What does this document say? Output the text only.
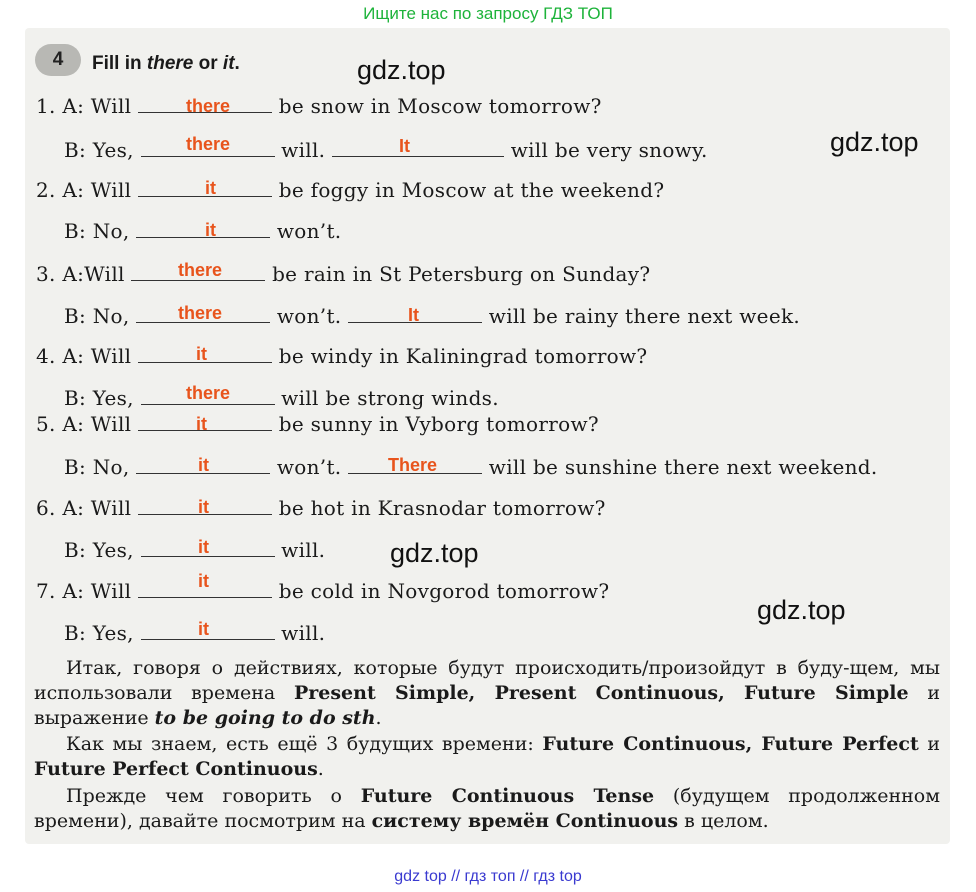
Ищите нас по запросу ГДЗ ТОП
4	Fill in there or it.
1. A: Will	be snow in Moscow tomorrow?
B: Yes,	will.	will be very snowy.
2. A: Will	be foggy in Moscow at the weekend?
B: No,	won’t.
3. A:Will	be rain in St Petersburg on Sunday?
B: No,	won’t.	will be rainy there next week.
4. A: Will	be windy in Kaliningrad tomorrow?
B: Yes,	will be strong winds.
5. A: Will	be sunny in Vyborg tomorrow?
B: No,	won’t.	will be sunshine there next weekend.
6. A: Will	be hot in Krasnodar tomorrow?
B: Yes,	will.
7. A: Will	be cold in Novgorod tomorrow?
B: Yes,	will.
there
there	It
it
it
there
there	It
it
there
it
it	There
it
it
it
it
gdz.top
gdz.top
gdz.top
gdz.top
Итак, говоря о действиях, которые будут происходить/произойдут в буду-щем, мы использовали времена Present Simple, Present Continuous, Future Simple и выражение to be going to do sth.
Как мы знаем, есть ещё 3 будущих времени: Future Continuous, Future Perfect и Future Perfect Continuous.
Прежде чем говорить о Future Continuous Tense (будущем продолженном времени), давайте посмотрим на систему времён Continuous в целом.
gdz top // гдз топ // гдз top
